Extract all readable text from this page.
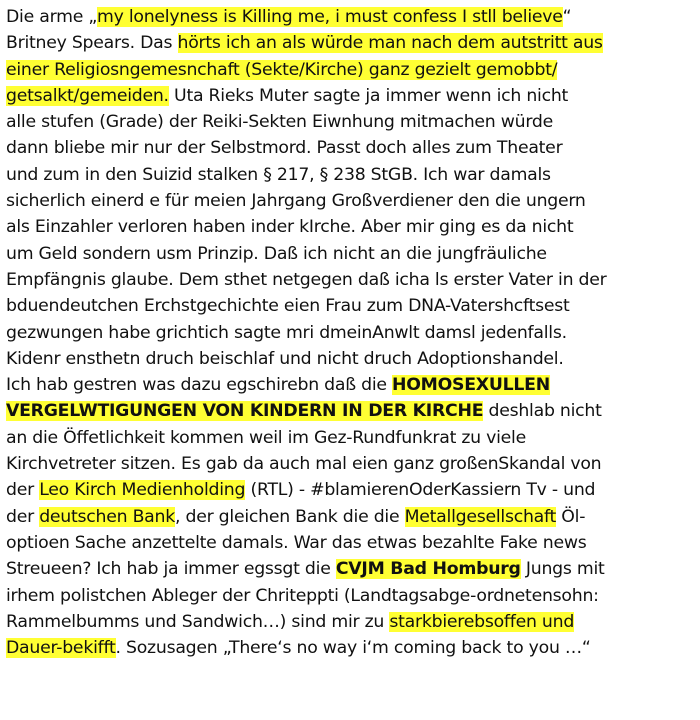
Die arme „my lonelyness is Killing me, i must confess I stll believe“
Britney Spears. Das hörts ich an als würde man nach dem autstritt aus
einer Religiosngemesnchaft (Sekte/Kirche) ganz gezielt gemobbt/
getsalkt/gemeiden. Uta Rieks Muter sagte ja immer wenn ich nicht
alle stufen (Grade) der Reiki-Sekten Eiwnhung mitmachen würde
dann bliebe mir nur der Selbstmord. Passt doch alles zum Theater
und zum in den Suizid stalken § 217, § 238 StGB. Ich war damals
sicherlich einerd e für meien Jahrgang Großverdiener den die ungern
als Einzahler verloren haben inder kIrche. Aber mir ging es da nicht
um Geld sondern usm Prinzip. Daß ich nicht an die jungfräuliche
Empfängnis glaube. Dem sthet netgegen daß icha ls erster Vater in der
bduendeutchen Erchstgechichte eien Frau zum DNA-Vatershcftsest
gezwungen habe grichtich sagte mri dmeinAnwlt damsl jedenfalls.
Kidenr ensthetn druch beischlaf und nicht druch Adoptionshandel.
Ich hab gestren was dazu egschirebn daß die HOMOSEXULLEN
VERGELWTIGUNGEN VON KINDERN IN DER KIRCHE deshlab nicht
an die Öffetlichkeit kommen weil im Gez-Rundfunkrat zu viele
Kirchvetreter sitzen. Es gab da auch mal eien ganz großenSkandal von
der Leo Kirch Medienholding (RTL) - #blamierenOderKassiern Tv - und
der deutschen Bank, der gleichen Bank die die Metallgesellschaft Öl-
optioen Sache anzettelte damals. War das etwas bezahlte Fake news
Streueen? Ich hab ja immer egssgt die CVJM Bad Homburg Jungs mit
irhem polistchen Ableger der Chritepрti (Landtagsabge-ordnetensohn:
Rammelbumms und Sandwich…) sind mir zu starkbierebsoffen und
Dauer-bekifft. Sozusagen „There‘s no way i‘m coming back to you …“
